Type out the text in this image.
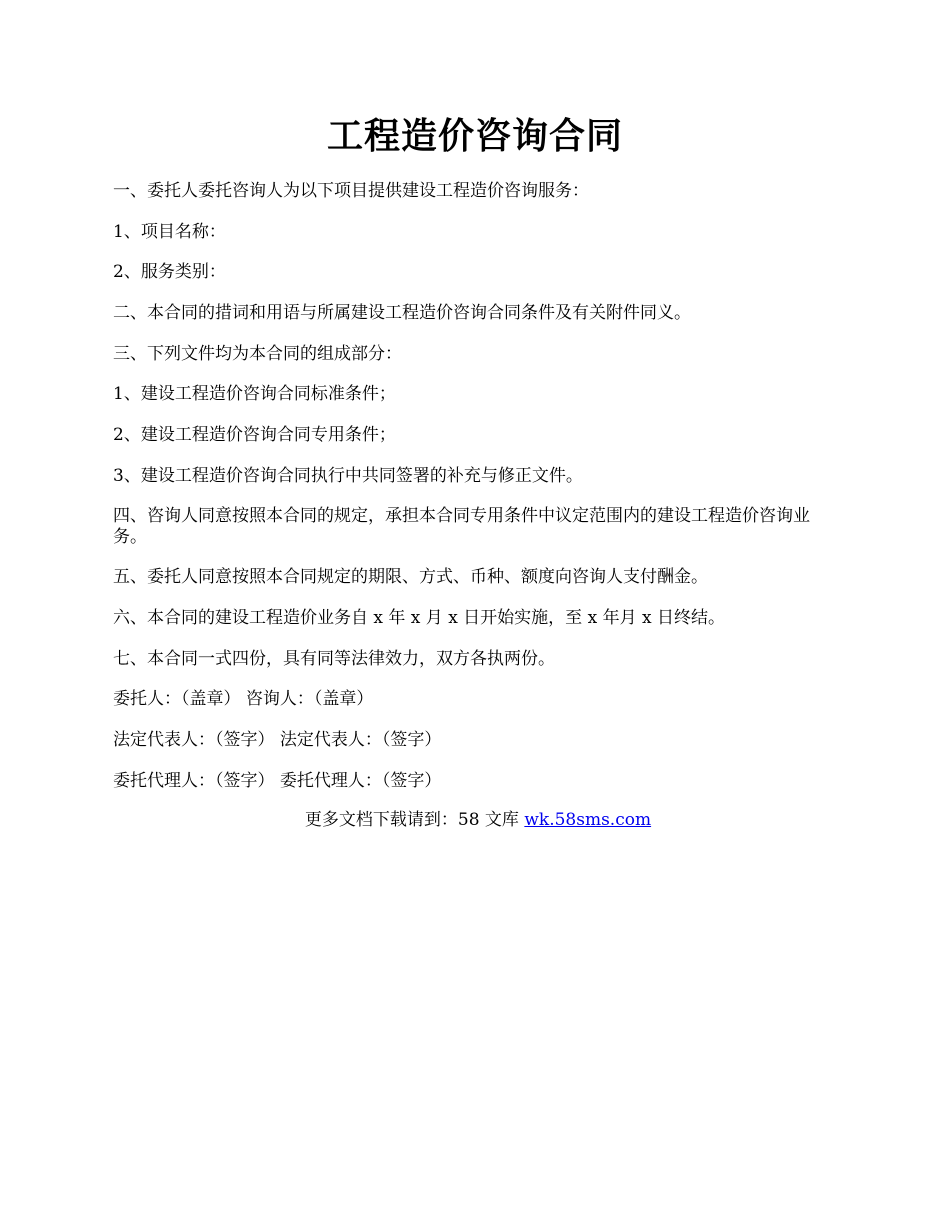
工程造价咨询合同

一、委托人委托咨询人为以下项目提供建设工程造价咨询服务：

1、项目名称：

2、服务类别：

二、本合同的措词和用语与所属建设工程造价咨询合同条件及有关附件同义。

三、下列文件均为本合同的组成部分：

1、建设工程造价咨询合同标准条件；

2、建设工程造价咨询合同专用条件；

3、建设工程造价咨询合同执行中共同签署的补充与修正文件。

四、咨询人同意按照本合同的规定，承担本合同专用条件中议定范围内的建设工程造价咨询业务。

五、委托人同意按照本合同规定的期限、方式、币种、额度向咨询人支付酬金。

六、本合同的建设工程造价业务自 x 年 x 月 x 日开始实施，至 x 年月 x 日终结。

七、本合同一式四份，具有同等法律效力，双方各执两份。

委托人：（盖章） 咨询人：（盖章）

法定代表人：（签字） 法定代表人：（签字）

委托代理人：（签字） 委托代理人：（签字）

更多文档下载请到：58 文库 wk.58sms.com
